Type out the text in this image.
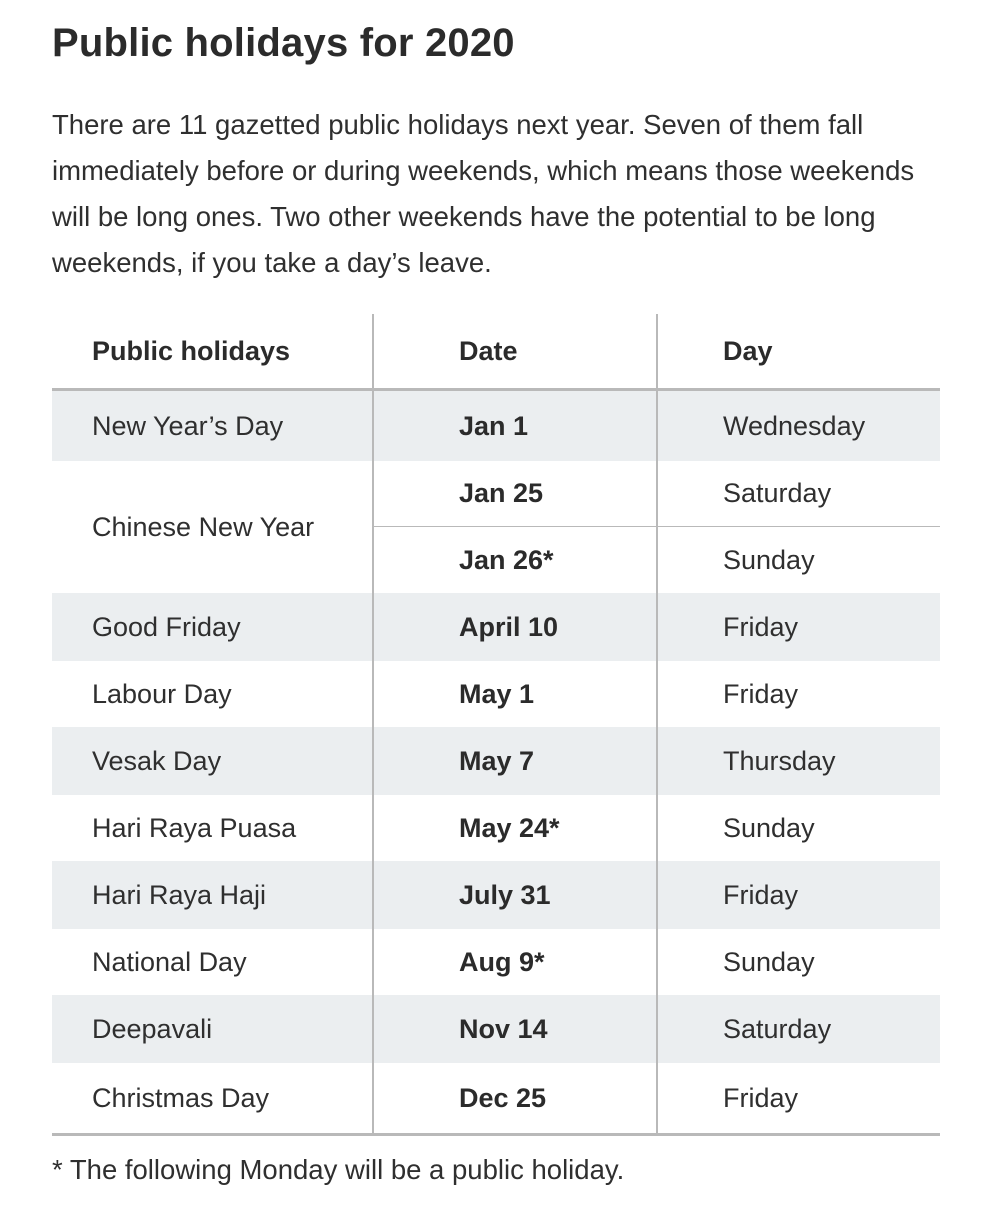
Public holidays for 2020

There are 11 gazetted public holidays next year. Seven of them fall immediately before or during weekends, which means those weekends will be long ones. Two other weekends have the potential to be long weekends, if you take a day’s leave.

Public holidays	Date	Day
New Year’s Day	Jan 1	Wednesday
Chinese New Year	Jan 25	Saturday
	Jan 26*	Sunday
Good Friday	April 10	Friday
Labour Day	May 1	Friday
Vesak Day	May 7	Thursday
Hari Raya Puasa	May 24*	Sunday
Hari Raya Haji	July 31	Friday
National Day	Aug 9*	Sunday
Deepavali	Nov 14	Saturday
Christmas Day	Dec 25	Friday
* The following Monday will be a public holiday.
